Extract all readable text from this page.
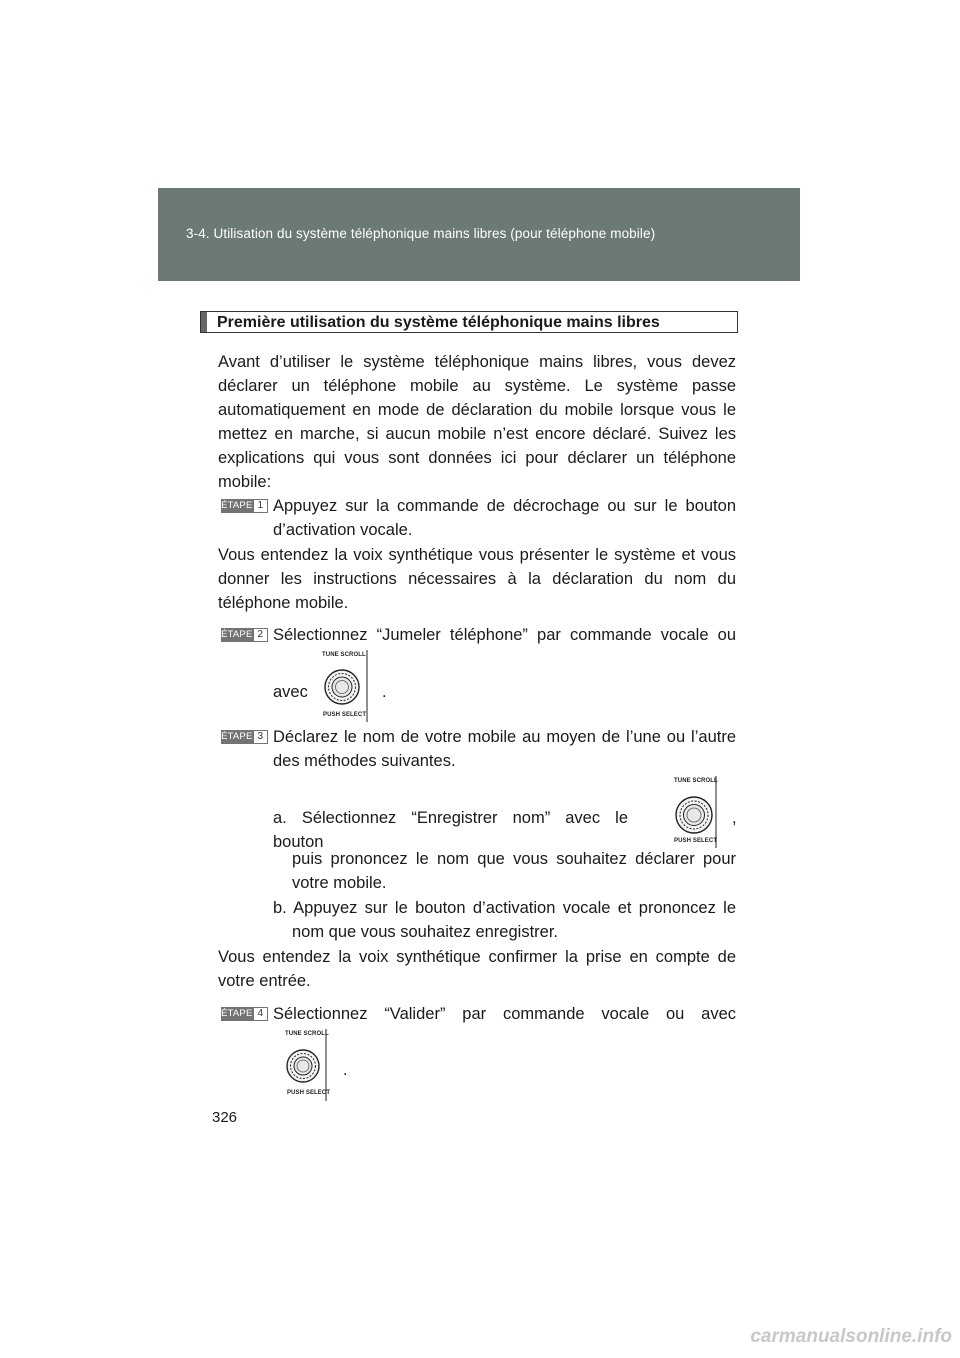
3-4. Utilisation du système téléphonique mains libres (pour téléphone mobile)
Première utilisation du système téléphonique mains libres
Avant d’utiliser le système téléphonique mains libres, vous devez
déclarer un téléphone mobile au système. Le système passe
automatiquement en mode de déclaration du mobile lorsque vous le
mettez en marche, si aucun mobile n’est encore déclaré. Suivez les
explications qui vous sont données ici pour déclarer un téléphone
mobile:
ÉTAPE 1 Appuyez sur la commande de décrochage ou sur le bouton
d’activation vocale.
Vous entendez la voix synthétique vous présenter le système et vous
donner les instructions nécessaires à la déclaration du nom du
téléphone mobile.
ÉTAPE 2 Sélectionnez “Jumeler téléphone” par commande vocale ou
avec	.
TUNE SCROLL
PUSH SELECT
ÉTAPE 3 Déclarez le nom de votre mobile au moyen de l’une ou l’autre
des méthodes suivantes.
a. Sélectionnez “Enregistrer nom” avec le bouton
,
TUNE SCROLL
PUSH SELECT
puis prononcez le nom que vous souhaitez déclarer pour
votre mobile.
b. Appuyez sur le bouton d’activation vocale et prononcez le
nom que vous souhaitez enregistrer.
Vous entendez la voix synthétique confirmer la prise en compte de
votre entrée.
ÉTAPE 4 Sélectionnez “Valider” par commande vocale ou avec
TUNE SCROLL
PUSH SELECT
.
326
carmanualsonline.info
